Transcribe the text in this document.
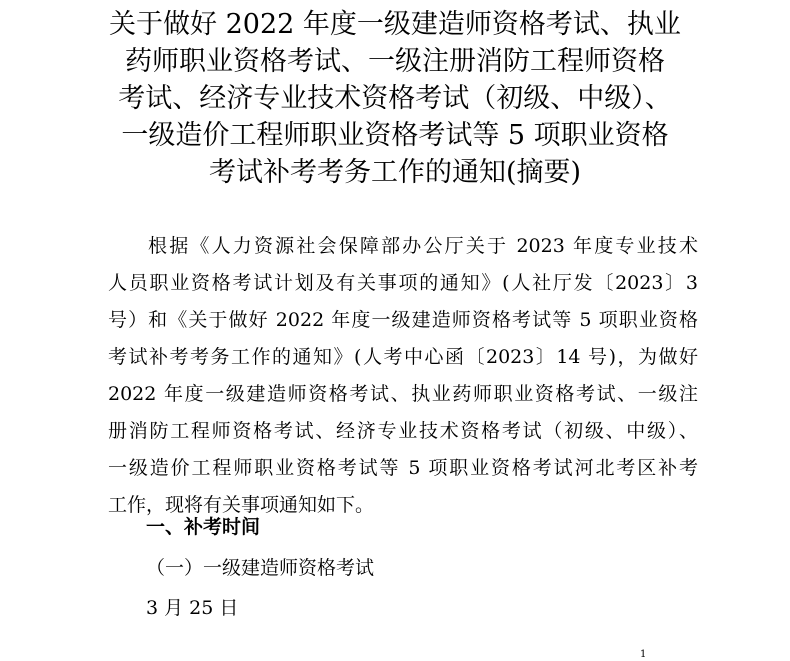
关于做好 2022 年度一级建造师资格考试、执业
药师职业资格考试、一级注册消防工程师资格
考试、经济专业技术资格考试（初级、中级）、
一级造价工程师职业资格考试等 5 项职业资格
考试补考考务工作的通知(摘要)
根据《人力资源社会保障部办公厅关于 2023 年度专业技术
人员职业资格考试计划及有关事项的通知》(人社厅发〔2023〕3
号）和《关于做好 2022 年度一级建造师资格考试等 5 项职业资格
考试补考考务工作的通知》(人考中心函〔2023〕14 号)，为做好
2022 年度一级建造师资格考试、执业药师职业资格考试、一级注
册消防工程师资格考试、经济专业技术资格考试（初级、中级）、
一级造价工程师职业资格考试等 5 项职业资格考试河北考区补考
工作，现将有关事项通知如下。
一、补考时间
（一）一级建造师资格考试
3 月 25 日
1
